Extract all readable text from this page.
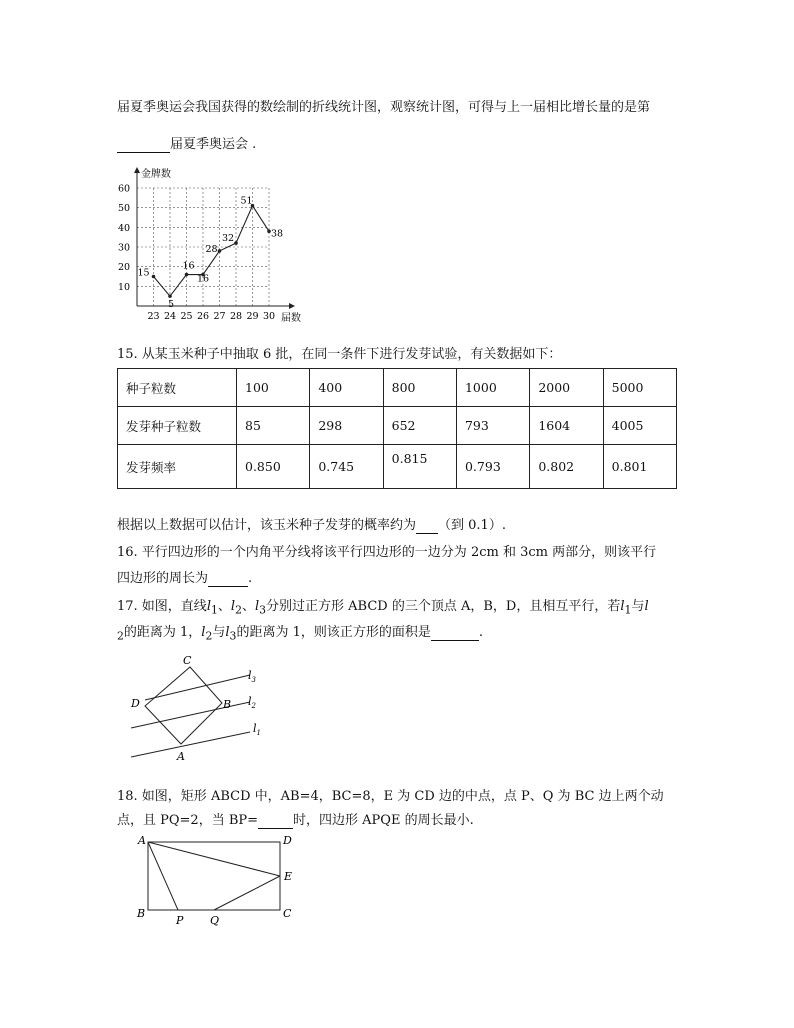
届夏季奥运会我国获得的数绘制的折线统计图，观察统计图，可得与上一届相比增长量的是第
届夏季奥运会 .
金牌数
届数
10
20
30
40
50
60
23 24 25 26 27 28 29 30
15
5
16
16
28
32
51
38
15. 从某玉米种子中抽取 6 批，在同一条件下进行发芽试验，有关数据如下：
种子粒数	100	400	800	1000	2000	5000
发芽种子粒数	85	298	652	793	1604	4005
发芽频率	0.850	0.745	0.815	0.793	0.802	0.801
根据以上数据可以估计，该玉米种子发芽的概率约为 （到 0.1）.
16. 平行四边形的一个内角平分线将该平行四边形的一边分为 2cm 和 3cm 两部分，则该平行
四边形的周长为	.
17. 如图，直线$l_1$、$l_2$、$l_3$分别过正方形 ABCD 的三个顶点 A，B，D，且相互平行，若$l_1$与l
$_2$的距离为 1，$l_2$与$l_3$的距离为 1，则该正方形的面积是	.
C
D	B
A
$l_3$
$l_2$
$l_1$
18. 如图，矩形 ABCD 中，AB=4，BC=8，E 为 CD 边的中点，点 P、Q 为 BC 边上两个动
点，且 PQ=2，当 BP=	时，四边形 APQE 的周长最小.
A	D
E
B
P Q
C
